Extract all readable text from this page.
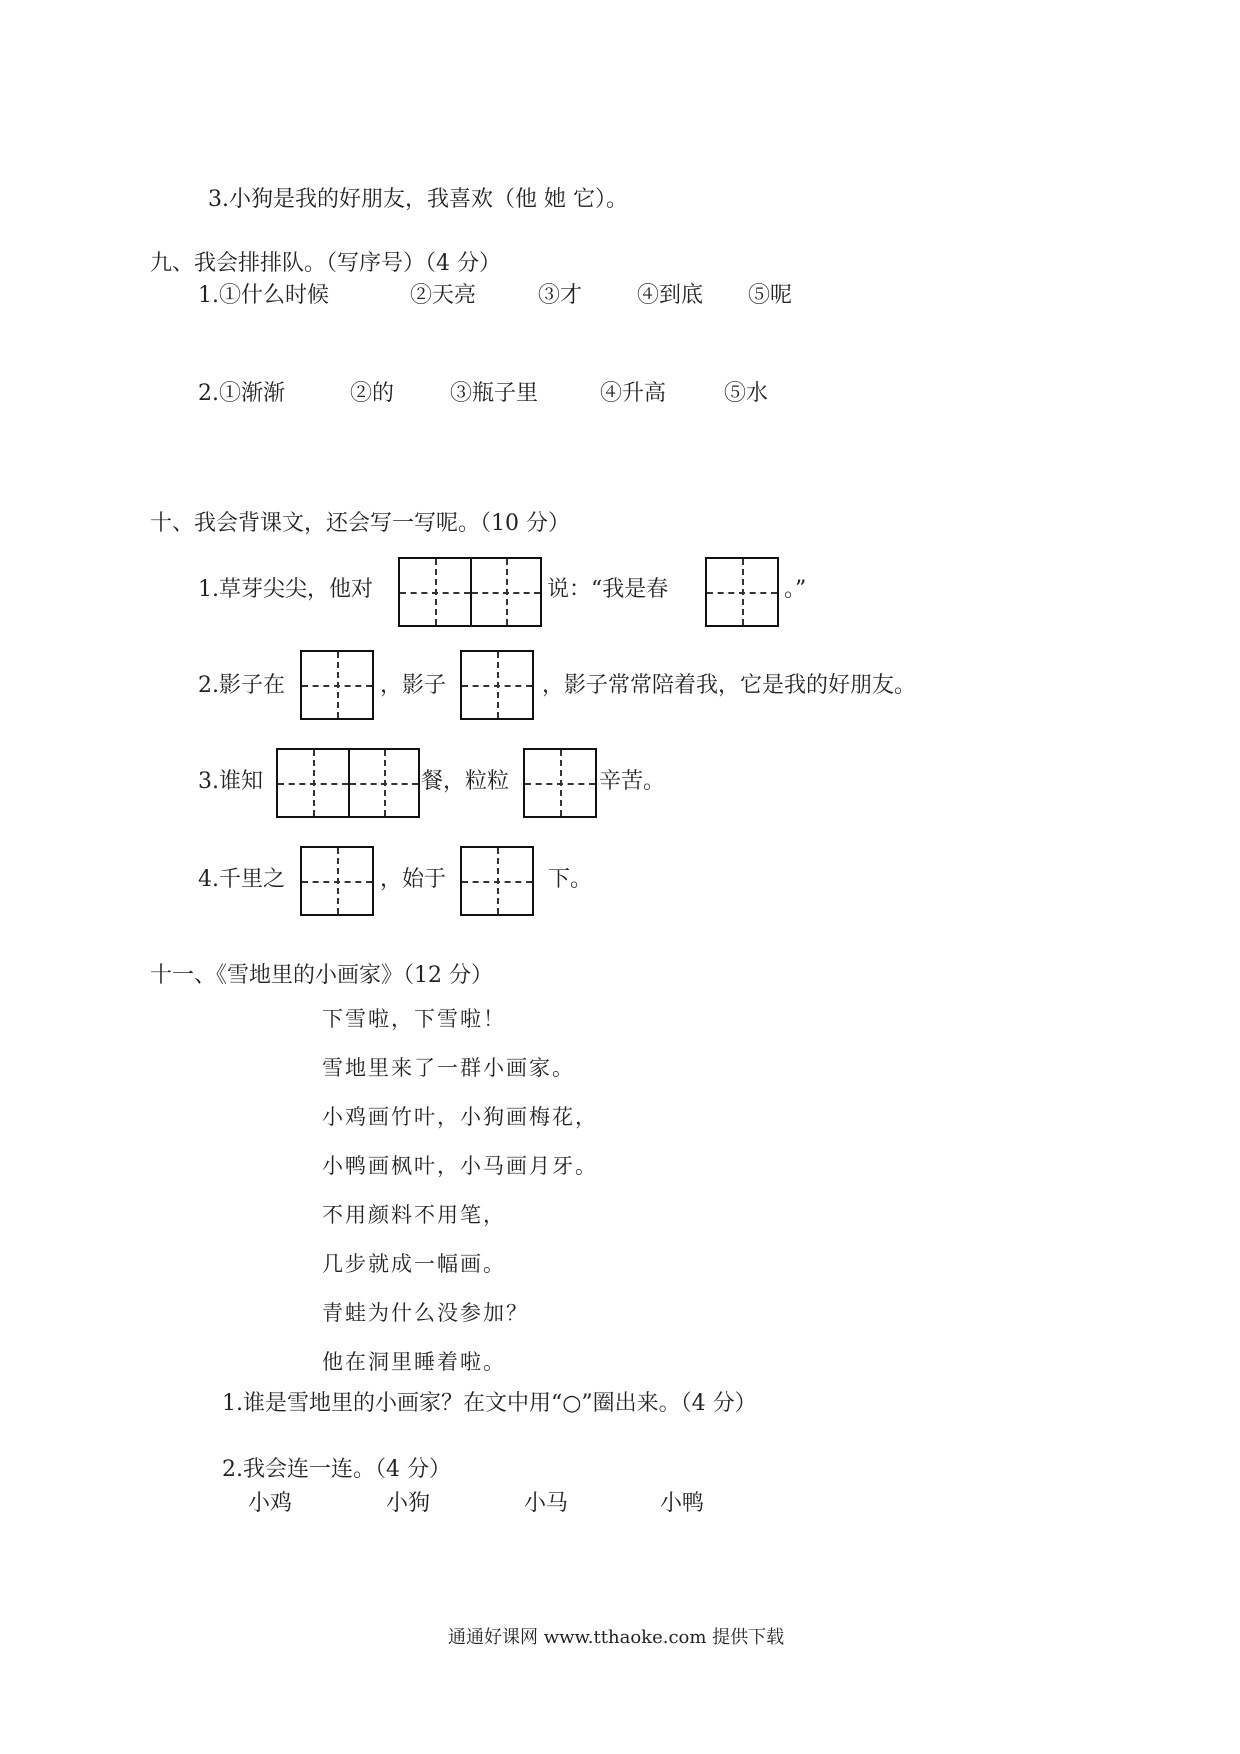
3.小狗是我的好朋友，我喜欢（他 她 它）。
九、我会排排队。（写序号）（4 分）
1.①什么时候	②天亮	③才 ④到底 ⑤呢
2.①渐渐	②的	③瓶子里	④升高	⑤水
十、我会背课文，还会写一写呢。（10 分）
1.草芽尖尖，他对	说：“我是春	。”
2.影子在	，影子	，影子常常陪着我，它是我的好朋友。
3.谁知	餐，粒粒	辛苦。
4.千里之	，始于	下。
十一、《雪地里的小画家》（12 分）
下雪啦，下雪啦！
雪地里来了一群小画家。
小鸡画竹叶，小狗画梅花，
小鸭画枫叶，小马画月牙。
不用颜料不用笔，
几步就成一幅画。
青蛙为什么没参加？
他在洞里睡着啦。
1.谁是雪地里的小画家？在文中用“○”圈出来。（4 分）
2.我会连一连。（4 分）
小鸡	小狗	小马	小鸭
通通好课网 www.tthaoke.com 提供下载
